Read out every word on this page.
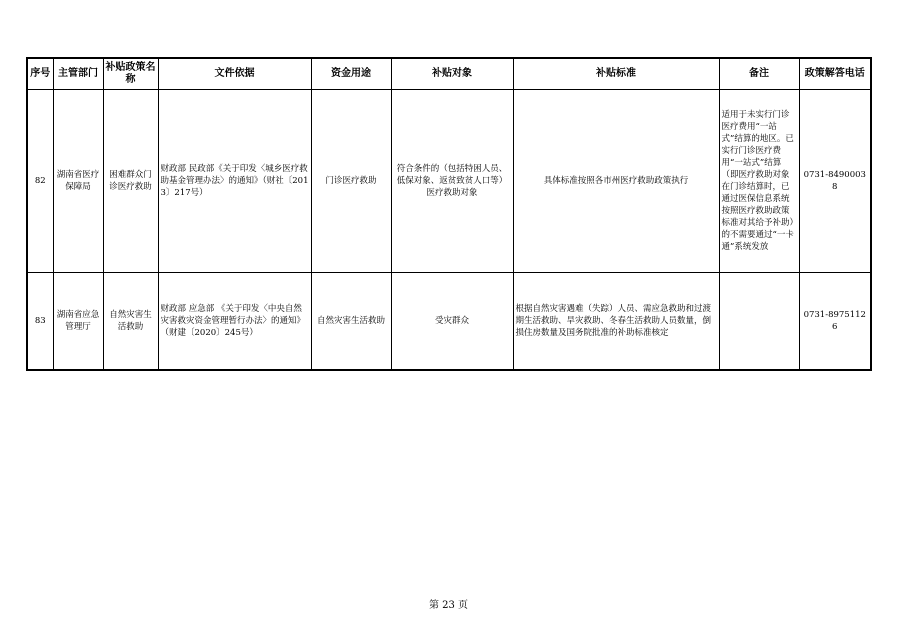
序号	主管部门	补贴政策名称	文件依据	资金用途	补贴对象	补贴标准	备注	政策解答电话
82	湖南省医疗保障局	困难群众门诊医疗救助	财政部 民政部《关于印发〈城乡医疗救助基金管理办法〉的通知》（财社〔2013〕217号）	门诊医疗救助	符合条件的（包括特困人员、低保对象、返贫致贫人口等）医疗救助对象	具体标准按照各市州医疗救助政策执行	适用于未实行门诊医疗费用“一站式”结算的地区。已实行门诊医疗费用“一站式”结算（即医疗救助对象在门诊结算时，已通过医保信息系统按照医疗救助政策标准对其给予补助）的不需要通过“一卡通”系统发放	0731-84900038
83	湖南省应急管理厅	自然灾害生活救助	财政部 应急部 《关于印发〈中央自然灾害救灾资金管理暂行办法〉的通知》（财建〔2020〕245号）	自然灾害生活救助	受灾群众	根据自然灾害遇难（失踪）人员、需应急救助和过渡期生活救助、旱灾救助、冬春生活救助人员数量，倒损住房数量及国务院批准的补助标准核定		0731-89751126
第 23 页
